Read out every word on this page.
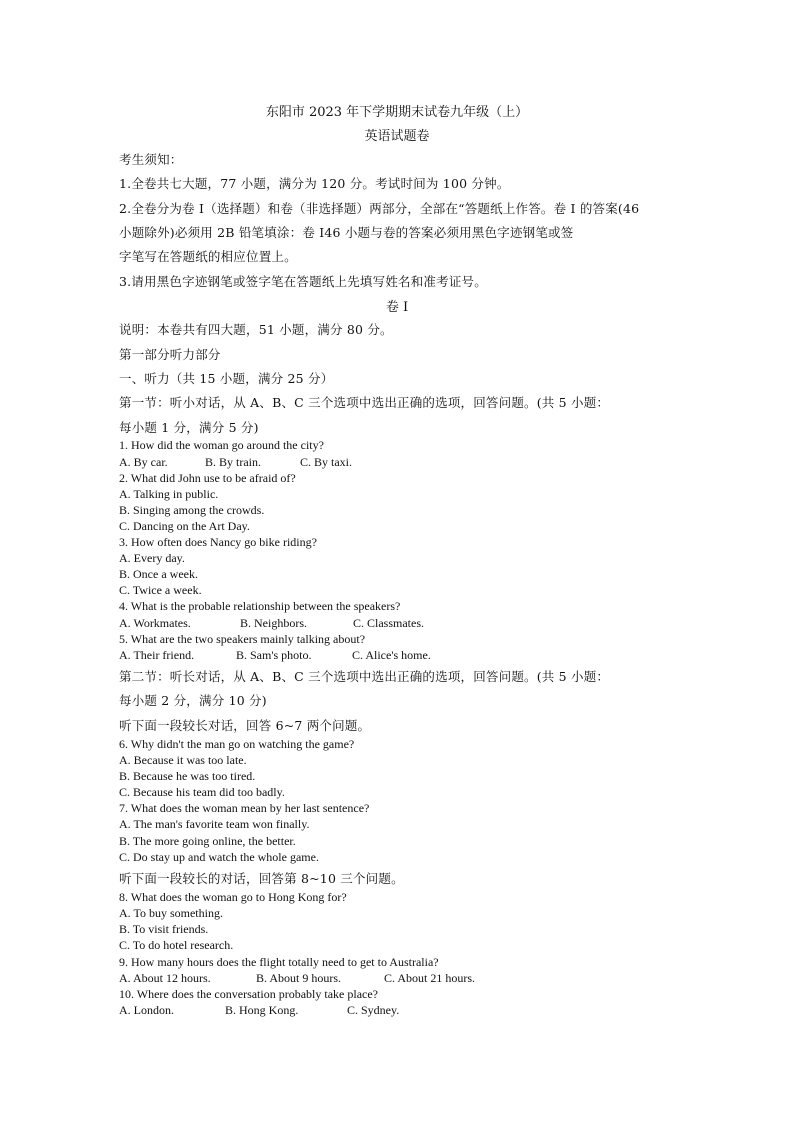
东阳市 2023 年下学期期末试卷九年级（上）
英语试题卷
考生须知：
1.全卷共七大题，77 小题，满分为 120 分。考试时间为 100 分钟。
2.全卷分为卷 I（选择题）和卷（非选择题）两部分，全部在“答题纸上作答。卷 I 的答案(46
小题除外)必须用 2B 铅笔填涂：卷 I46 小题与卷的答案必须用黑色字迹钢笔或签
字笔写在答题纸的相应位置上。
3.请用黑色字迹钢笔或签字笔在答题纸上先填写姓名和准考证号。
卷 I
说明：本卷共有四大题，51 小题，满分 80 分。
第一部分听力部分
一、听力（共 15 小题，满分 25 分）
第一节：听小对话，从 A、B、C 三个选项中选出正确的选项，回答问题。(共 5 小题：
每小题 1 分，满分 5 分)
1. How did the woman go around the city?
A. By car.	B. By train.	C. By taxi.
2. What did John use to be afraid of?
A. Talking in public.
B. Singing among the crowds.
C. Dancing on the Art Day.
3. How often does Nancy go bike riding?
A. Every day.
B. Once a week.
C. Twice a week.
4. What is the probable relationship between the speakers?
A. Workmates.	B. Neighbors.	C. Classmates.
5. What are the two speakers mainly talking about?
A. Their friend.	B. Sam's photo.	C. Alice's home.
第二节：听长对话，从 A、B、C 三个选项中选出正确的选项，回答问题。(共 5 小题：
每小题 2 分，满分 10 分)
听下面一段较长对话，回答 6~7 两个问题。
6. Why didn't the man go on watching the game?
A. Because it was too late.
B. Because he was too tired.
C. Because his team did too badly.
7. What does the woman mean by her last sentence?
A. The man's favorite team won finally.
B. The more going online, the better.
C. Do stay up and watch the whole game.
听下面一段较长的对话，回答第 8~10 三个问题。
8. What does the woman go to Hong Kong for?
A. To buy something.
B. To visit friends.
C. To do hotel research.
9. How many hours does the flight totally need to get to Australia?
A. About 12 hours.	B. About 9 hours.	C. About 21 hours.
10. Where does the conversation probably take place?
A. London.	B. Hong Kong.	C. Sydney.
